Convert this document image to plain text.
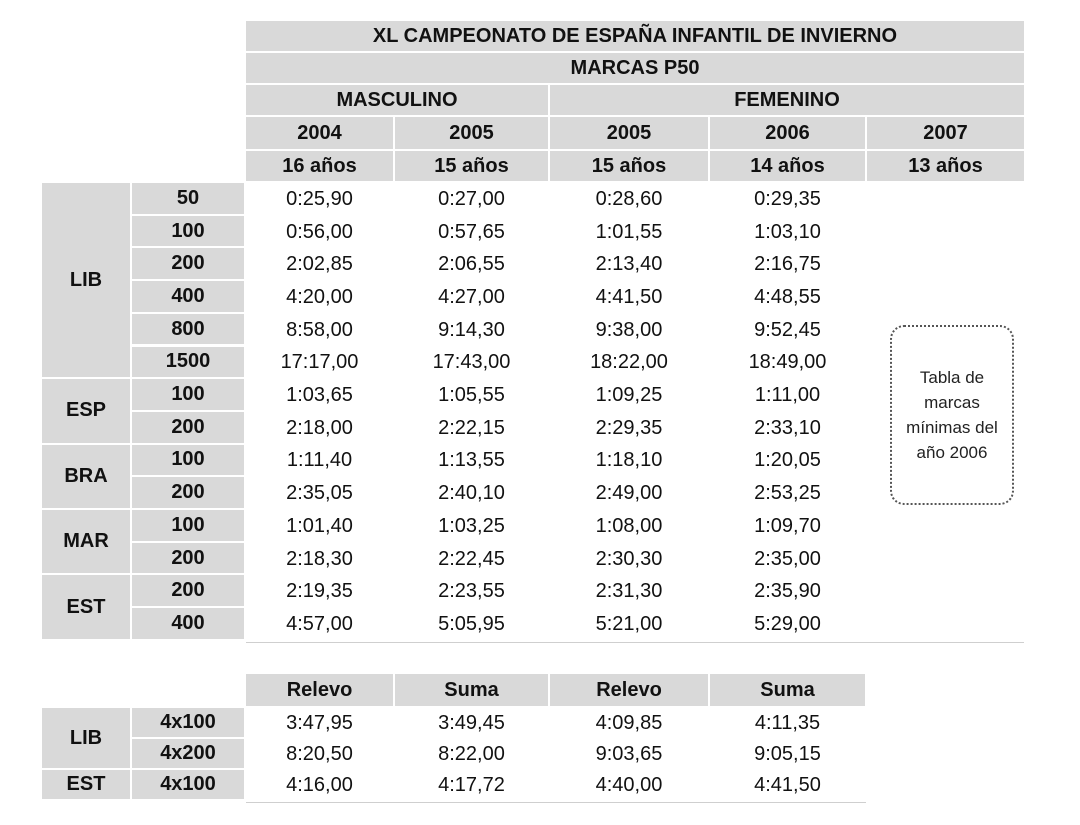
XL CAMPEONATO DE ESPAÑA INFANTIL DE INVIERNO
MARCAS P50
MASCULINO	FEMENINO
2004	2005	2005	2006	2007
16 años	15 años	15 años	14 años	13 años
LIB
50	0:25,90	0:27,00	0:28,60	0:29,35
100	0:56,00	0:57,65	1:01,55	1:03,10
200	2:02,85	2:06,55	2:13,40	2:16,75
400	4:20,00	4:27,00	4:41,50	4:48,55
800	8:58,00	9:14,30	9:38,00	9:52,45
1500	17:17,00	17:43,00	18:22,00	18:49,00
ESP
100	1:03,65	1:05,55	1:09,25	1:11,00
200	2:18,00	2:22,15	2:29,35	2:33,10
BRA
100	1:11,40	1:13,55	1:18,10	1:20,05
200	2:35,05	2:40,10	2:49,00	2:53,25
MAR
100	1:01,40	1:03,25	1:08,00	1:09,70
200	2:18,30	2:22,45	2:30,30	2:35,00
EST
200	2:19,35	2:23,55	2:31,30	2:35,90
400	4:57,00	5:05,95	5:21,00	5:29,00
Tabla de marcas mínimas del año 2006
Relevo	Suma	Relevo	Suma
LIB
4x100	3:47,95	3:49,45	4:09,85	4:11,35
4x200	8:20,50	8:22,00	9:03,65	9:05,15
EST	4x100	4:16,00	4:17,72	4:40,00	4:41,50
